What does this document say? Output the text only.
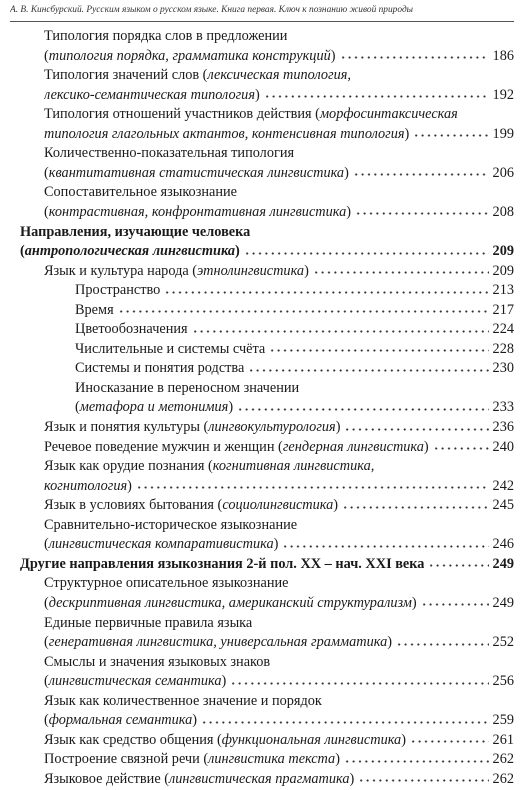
А. В. Кинсбурский. Русским языком о русском языке. Книга первая. Ключ к познанию живой природы
Типология порядка слов в предложении
(типология порядка, грамматика конструкций)	186
Типология значений слов (лексическая типология,
лексико-семантическая типология)	192
Типология отношений участников действия (морфосинтаксическая
типология глагольных актантов, контенсивная типология)	199
Количественно-показательная типология
(квантитативная статистическая лингвистика)	206
Сопоставительное языкознание
(контрастивная, конфронтативная лингвистика)	208
Направления, изучающие человека
(антропологическая лингвистика)	209
Язык и культура народа (этнолингвистика)	209
Пространство	213
Время	217
Цветообозначения	224
Числительные и системы счёта	228
Системы и понятия родства	230
Иносказание в переносном значении
(метафора и метонимия)	233
Язык и понятия культуры (лингвокультурология)	236
Речевое поведение мужчин и женщин (гендерная лингвистика)	240
Язык как орудие познания (когнитивная лингвистика,
когнитология)	242
Язык в условиях бытования (социолингвистика)	245
Сравнительно-историческое языкознание
(лингвистическая компаративистика)	246
Другие направления языкознания 2-й пол. XX – нач. XXI века	249
Структурное описательное языкознание
(дескриптивная лингвистика, американский структурализм)	249
Единые первичные правила языка
(генеративная лингвистика, универсальная грамматика)	252
Смыслы и значения языковых знаков
(лингвистическая семантика)	256
Язык как количественное значение и порядок
(формальная семантика)	259
Язык как средство общения (функциональная лингвистика)	261
Построение связной речи (лингвистика текста)	262
Языковое действие (лингвистическая прагматика)	262
